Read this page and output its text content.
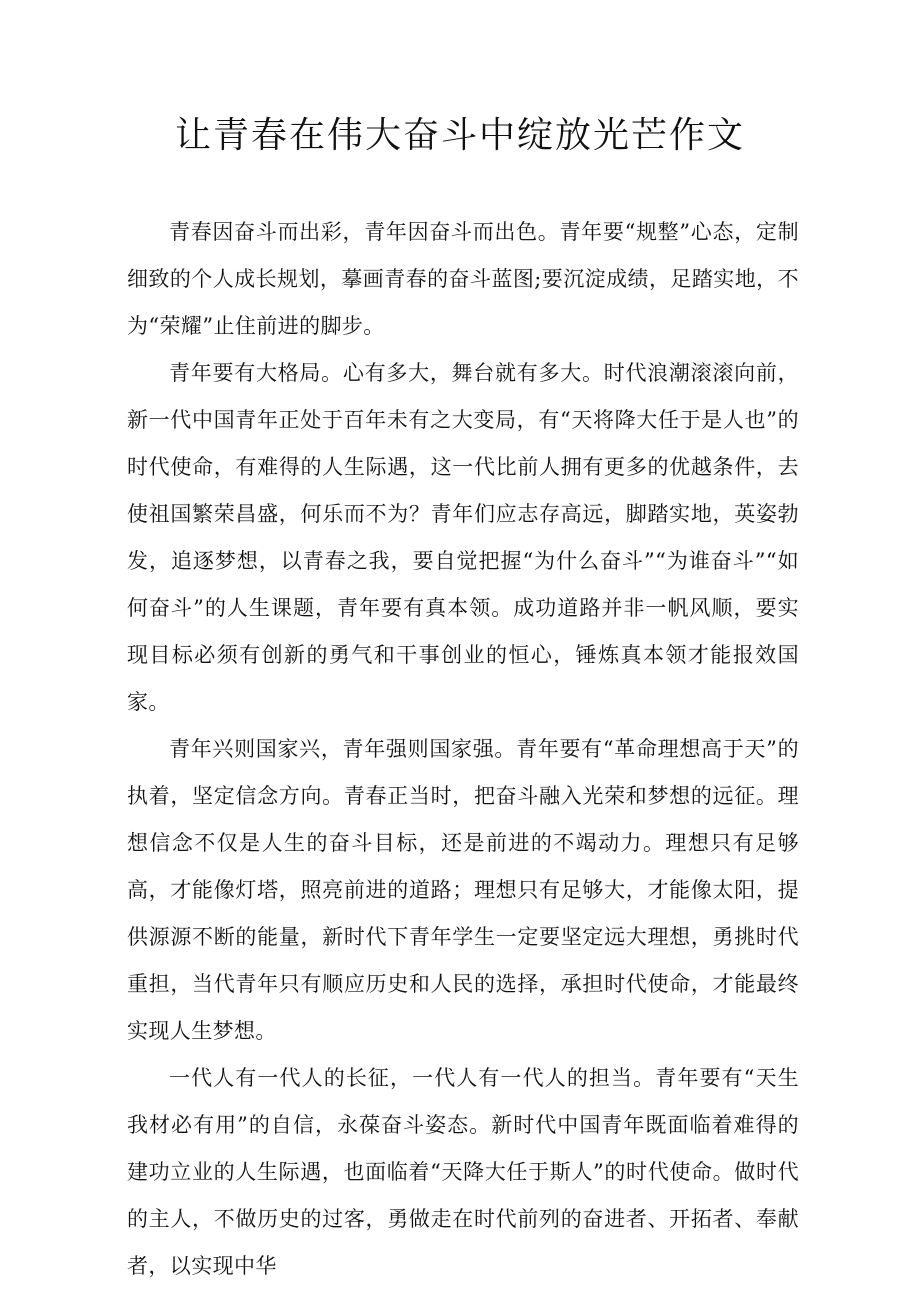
让青春在伟大奋斗中绽放光芒作文

青春因奋斗而出彩，青年因奋斗而出色。青年要“规整”心态，定制细致的个人成长规划，摹画青春的奋斗蓝图;要沉淀成绩，足踏实地，不为“荣耀”止住前进的脚步。

青年要有大格局。心有多大，舞台就有多大。时代浪潮滚滚向前，新一代中国青年正处于百年未有之大变局，有“天将降大任于是人也”的时代使命，有难得的人生际遇，这一代比前人拥有更多的优越条件，去使祖国繁荣昌盛，何乐而不为？青年们应志存高远，脚踏实地，英姿勃发，追逐梦想，以青春之我，要自觉把握“为什么奋斗”“为谁奋斗”“如何奋斗”的人生课题，青年要有真本领。成功道路并非一帆风顺，要实现目标必须有创新的勇气和干事创业的恒心，锤炼真本领才能报效国家。

青年兴则国家兴，青年强则国家强。青年要有“革命理想高于天”的执着，坚定信念方向。青春正当时，把奋斗融入光荣和梦想的远征。理想信念不仅是人生的奋斗目标，还是前进的不竭动力。理想只有足够高，才能像灯塔，照亮前进的道路；理想只有足够大，才能像太阳，提供源源不断的能量，新时代下青年学生一定要坚定远大理想，勇挑时代重担，当代青年只有顺应历史和人民的选择，承担时代使命，才能最终实现人生梦想。

一代人有一代人的长征，一代人有一代人的担当。青年要有“天生我材必有用”的自信，永葆奋斗姿态。新时代中国青年既面临着难得的建功立业的人生际遇，也面临着“天降大任于斯人”的时代使命。做时代的主人，不做历史的过客，勇做走在时代前列的奋进者、开拓者、奉献者，以实现中华
